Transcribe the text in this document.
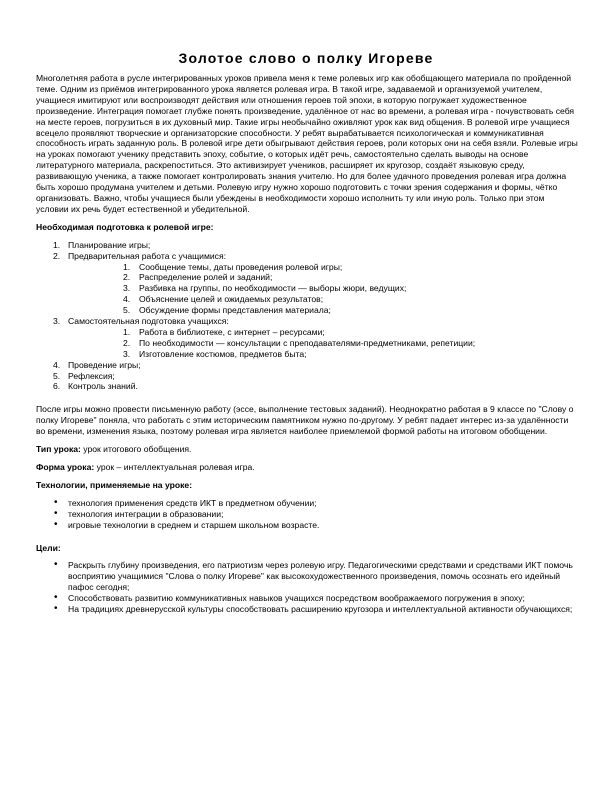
Золотое слово о полку Игореве

Многолетняя работа в русле интегрированных уроков привела меня к теме ролевых игр как обобщающего материала по пройденной теме. Одним из приёмов интегрированного урока является ролевая игра. В такой игре, задаваемой и организуемой учителем, учащиеся имитируют или воспроизводят действия или отношения героев той эпохи, в которую погружает художественное произведение. Интеграция помогает глубже понять произведение, удалённое от нас во времени, а ролевая игра - почувствовать себя на месте героев, погрузиться в их духовный мир. Такие игры необычайно оживляют урок как вид общения. В ролевой игре учащиеся всецело проявляют творческие и организаторские способности. У ребят вырабатывается психологическая и коммуникативная способность играть заданную роль. В ролевой игре дети обыгрывают действия героев, роли которых они на себя взяли. Ролевые игры на уроках помогают ученику представить эпоху, событие, о которых идёт речь, самостоятельно сделать выводы на основе литературного материала, раскрепоститься. Это активизирует учеников, расширяет их кругозор, создаёт языковую среду, развивающую ученика, а также помогает контролировать знания учителю. Но для более удачного проведения ролевая игра должна быть хорошо продумана учителем и детьми. Ролевую игру нужно хорошо подготовить с точки зрения содержания и формы, чётко организовать. Важно, чтобы учащиеся были убеждены в необходимости хорошо исполнить ту или иную роль. Только при этом условии их речь будет естественной и убедительной.

Необходимая подготовка к ролевой игре:

1. Планирование игры;
2. Предварительная работа с учащимися:
1. Сообщение темы, даты проведения ролевой игры;
2. Распределение ролей и заданий;
3. Разбивка на группы, по необходимости — выборы жюри, ведущих;
4. Объяснение целей и ожидаемых результатов;
5. Обсуждение формы представления материала;
3. Самостоятельная подготовка учащихся:
1. Работа в библиотеке, с интернет – ресурсами;
2. По необходимости — консультации с преподавателями-предметниками, репетиции;
3. Изготовление костюмов, предметов быта;
4. Проведение игры;
5. Рефлексия;
6. Контроль знаний.

После игры можно провести письменную работу (эссе, выполнение тестовых заданий). Неоднократно работая в 9 классе по "Слову о полку Игореве" поняла, что работать с этим историческим памятником нужно по-другому. У ребят падает интерес из-за удалённости во времени, изменения языка, поэтому ролевая игра является наиболее приемлемой формой работы на итоговом обобщении.

Тип урока: урок итогового обобщения.

Форма урока: урок – интеллектуальная ролевая игра.

Технологии, применяемые на уроке:

• технология применения средств ИКТ в предметном обучении;
• технология интеграции в образовании;
• игровые технологии в среднем и старшем школьном возрасте.

Цели:

• Раскрыть глубину произведения, его патриотизм через ролевую игру. Педагогическими средствами и средствами ИКТ помочь восприятию учащимися "Слова о полку Игореве" как высокохудожественного произведения, помочь осознать его идейный пафос сегодня;
• Способствовать развитию коммуникативных навыков учащихся посредством воображаемого погружения в эпоху;
• На традициях древнерусской культуры способствовать расширению кругозора и интеллектуальной активности обучающихся;
